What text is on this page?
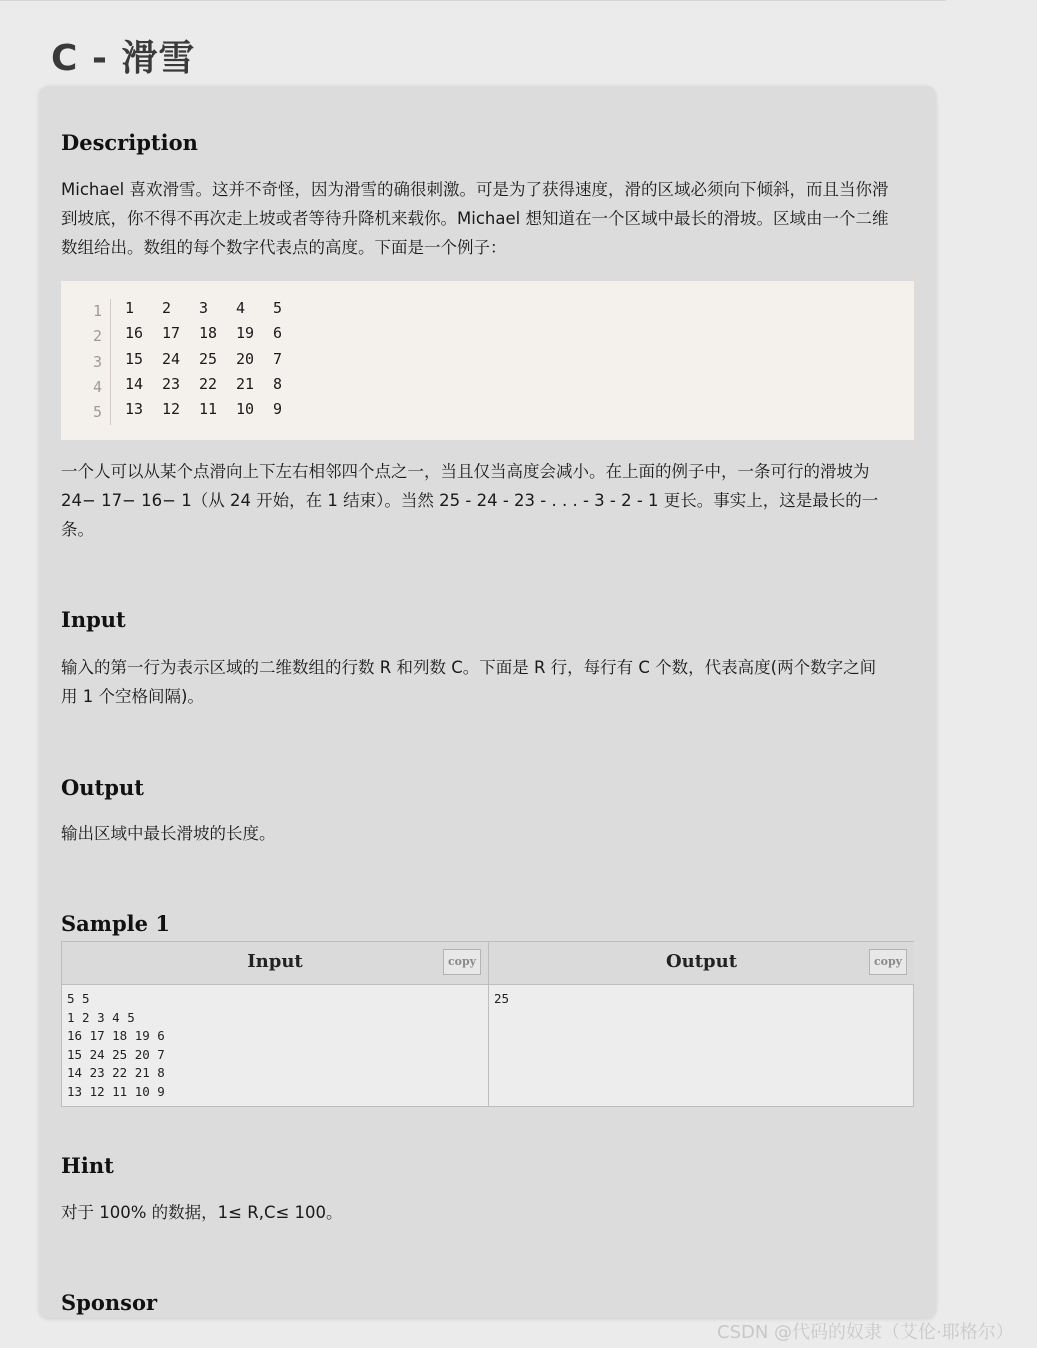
C - 滑雪
Description

Michael 喜欢滑雪。这并不奇怪，因为滑雪的确很刺激。可是为了获得速度，滑的区域必须向下倾斜，而且当你滑

到坡底，你不得不再次走上坡或者等待升降机来载你。Michael 想知道在一个区域中最长的滑坡。区域由一个二维

数组给出。数组的每个数字代表点的高度。下面是一个例子：

1
2
3
4
5
1 2 3 4 5
16 17 18 19 6
15 24 25 20 7
14 23 22 21 8
13 12 11 10 9

一个人可以从某个点滑向上下左右相邻四个点之一，当且仅当高度会减小。在上面的例子中，一条可行的滑坡为

24− 17− 16− 1（从 24 开始，在 1 结束）。当然 25 - 24 - 23 - . . . - 3 - 2 - 1 更长。事实上，这是最长的一

条。

Input

输入的第一行为表示区域的二维数组的行数 R 和列数 C。下面是 R 行，每行有 C 个数，代表高度(两个数字之间

用 1 个空格间隔)。

Output

输出区域中最长滑坡的长度。

Sample 1
Input	copy
5 5
1 2 3 4 5
16 17 18 19 6
15 24 25 20 7
14 23 22 21 8
13 12 11 10 9
Output	copy
25
Hint

对于 100% 的数据，1≤ R,C≤ 100。

Sponsor
CSDN @代码的奴隶（艾伦·耶格尔）
